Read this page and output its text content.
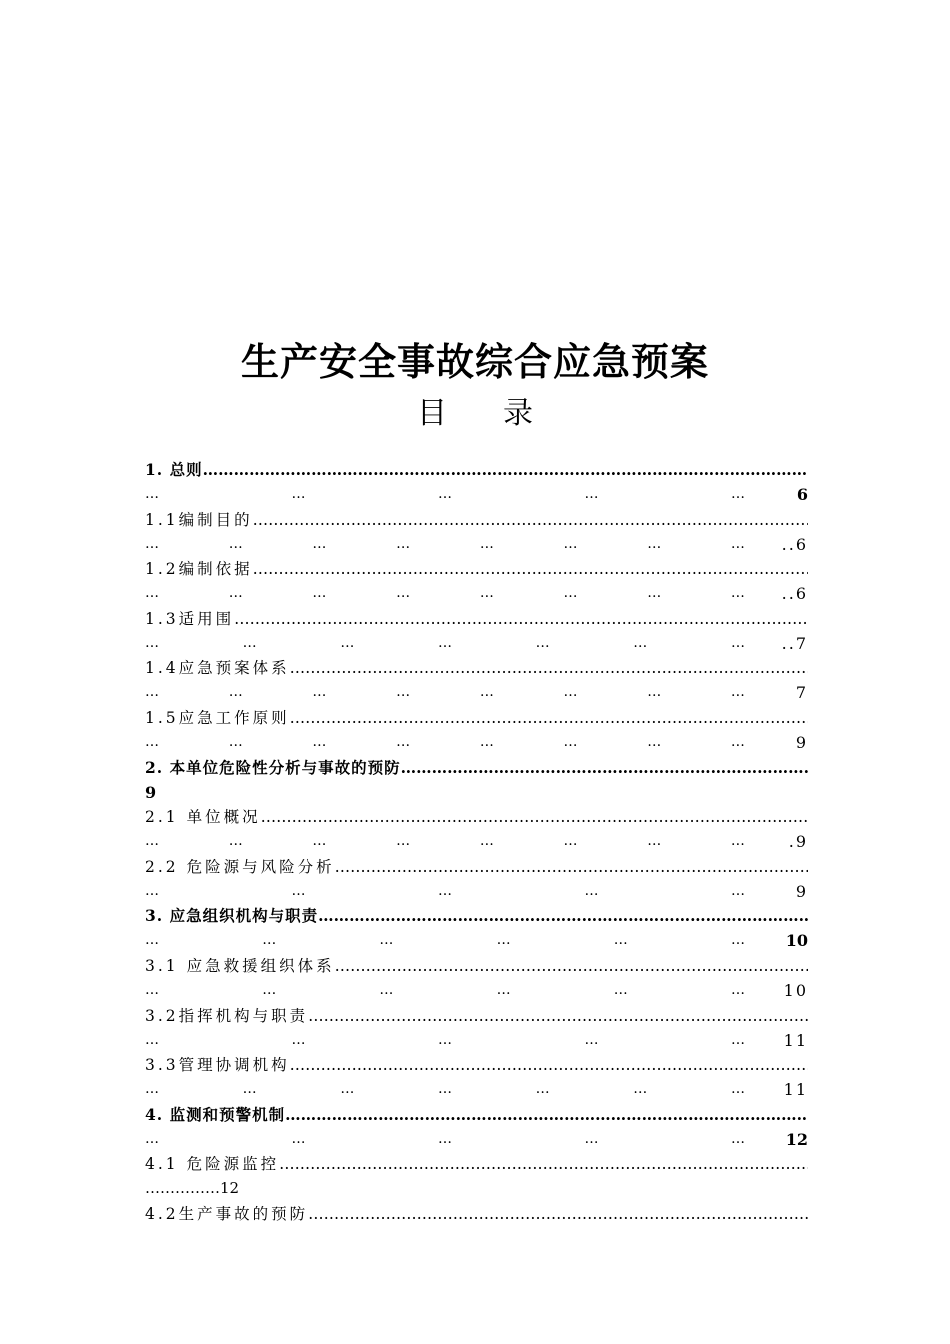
生产安全事故综合应急预案
目 录
1. 总则 …………………………………………………………………………………………………………………………………………
…	…	…	…	…	6
1.1编制目的 …………………………………………………………………………………………………………………………………………
…	…	…	…	…	…	…	… ..6
1.2编制依据 …………………………………………………………………………………………………………………………………………
…	…	…	…	…	…	…	… ..6
1.3适用围 …………………………………………………………………………………………………………………………………………
…	…	…	…	…	…	… ..7
1.4应急预案体系 …………………………………………………………………………………………………………………………………………
…	…	…	…	…	…	…	…	7
1.5应急工作原则 …………………………………………………………………………………………………………………………………………
…	…	…	…	…	…	…	…	9
2. 本单位危险性分析与事故的预防 …………………………………………………………………………………………………………………………………………
9
2.1 单位概况 …………………………………………………………………………………………………………………………………………
…	…	…	…	…	…	…	…	.9
2.2 危险源与风险分析 …………………………………………………………………………………………………………………………………………
…	…	…	…	…	9
3. 应急组织机构与职责 …………………………………………………………………………………………………………………………………………
…	…	…	…	…	…	10
3.1 应急救援组织体系 …………………………………………………………………………………………………………………………………………
…	…	…	…	…	… 10
3.2指挥机构与职责 …………………………………………………………………………………………………………………………………………
…	…	…	…	… 11
3.3管理协调机构 …………………………………………………………………………………………………………………………………………
…	…	…	…	…	…	… 11
4. 监测和预警机制 …………………………………………………………………………………………………………………………………………
…	…	…	…	…	12
4.1 危险源监控 …………………………………………………………………………………………………………………………………………
……………12
4.2生产事故的预防 …………………………………………………………………………………………………………………………………………
